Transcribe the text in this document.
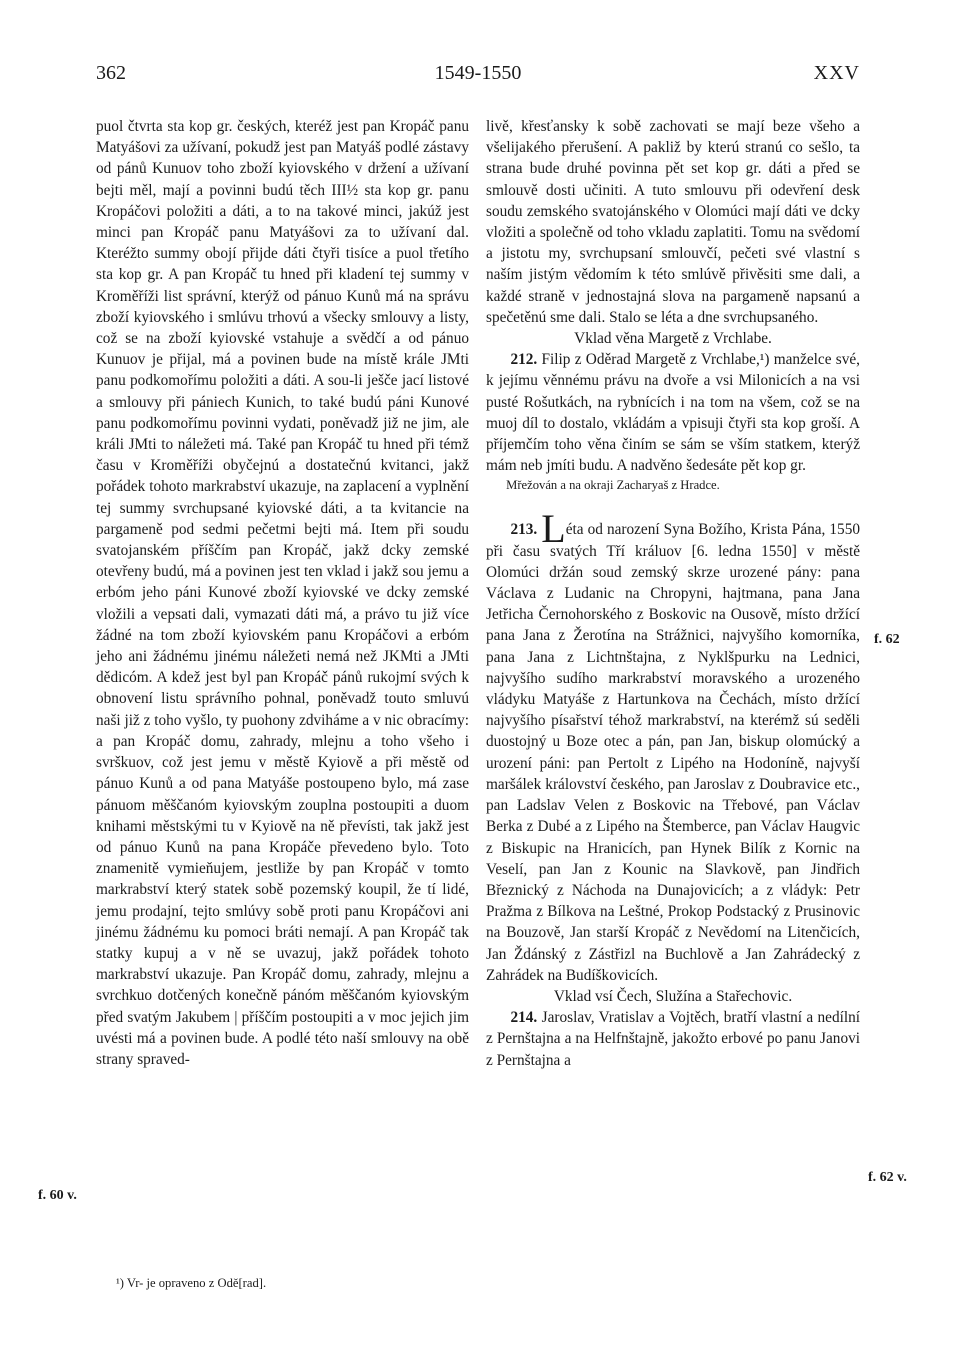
362	1549-1550	XXV

puol čtvrta sta kop gr. českých, kteréž jest pan Kropáč panu Matyášovi za užívaní, pokudž jest pan Matyáš podlé zástavy od pánů Kunuov toho zboží kyiovského v držení a užívaní bejti měl, mají a povinni budú těch III½ sta kop gr. panu Kropáčovi položiti a dáti, a to na takové minci, jakúž jest minci pan Kropáč panu Matyášovi za to užívaní dal. Kteréžto summy obojí přijde dáti čtyři tisíce a puol třetího sta kop gr. A pan Kropáč tu hned při kladení tej summy v Kroměříži list správní, kterýž od pánuo Kunů má na správu zboží kyiovského i smlúvu trhovú a všecky smlouvy a listy, což se na zboží kyiovské vstahuje a svědčí a od pánuo Kunuov je přijal, má a povinen bude na místě krále JMti panu podkomořímu položiti a dáti. A sou-li ješče jací listové a smlouvy při pániech Kunich, to také budú páni Kunové panu podkomořímu povinni vydati, poněvadž již ne jim, ale králi JMti to náležeti má. Také pan Kropáč tu hned při témž času v Kroměříži obyčejnú a dostatečnú kvitanci, jakž pořádek tohoto markrabství ukazuje, na zaplacení a vyplnění tej summy svrchupsané kyiovské dáti, a ta kvitancie na pargameně pod sedmi pečetmi bejti má. Item při soudu svatojanském příščím pan Kropáč, jakž dcky zemské otevřeny budú, má a povinen jest ten vklad i jakž sou jemu a erbóm jeho páni Kunové zboží kyiovské ve dcky zemské vložili a vepsati dali, vymazati dáti má, a právo tu již více žádné na tom zboží kyiovském panu Kropáčovi a erbóm jeho ani žádnému jinému náležeti nemá než JKMti a JMti dědicóm. A kdež jest byl pan Kropáč pánů rukojmí svých k obnovení listu správního pohnal, poněvadž touto smluvú naši již z toho vyšlo, ty puohony zdviháme a v nic obracímy: a pan Kropáč domu, zahrady, mlejnu a toho všeho i svrškuov, což jest jemu v městě Kyiově a při městě od pánuo Kunů a od pana Matyáše postoupeno bylo, má zase pánuom měščanóm kyiovským zouplna postoupiti a duom knihami městskými tu v Kyiově na ně převísti, tak jakž jest od pánuo Kunů na pana Kropáče převedeno bylo. Toto znamenitě vymieňujem, jestliže by pan Kropáč v tomto markrabství který statek sobě pozemský koupil, že tí lidé, jemu prodajní, tejto smlúvy sobě proti panu Kropáčovi ani jinému žádnému ku pomoci bráti nemají. A pan Kropáč tak statky kupuj a v ně se uvazuj, jakž pořádek tohoto markrabství ukazuje. Pan Kropáč domu, zahrady, mlejnu a svrchkuo dotčených konečně pánóm měščanóm kyiovským před svatým Jakubem | příščím postoupiti a v moc jejich jim uvésti má a povinen bude. A podlé této naší smlouvy na obě strany spraved-

livě, křesťansky k sobě zachovati se mají beze všeho a všelijakého přerušení. A pakliž by kterú stranú co sešlo, ta strana bude druhé povinna pět set kop gr. dáti a před se smlouvě dosti učiniti. A tuto smlouvu při odevření desk soudu zemského svatojánského v Olomúci mají dáti ve dcky vložiti a společně od toho vkladu zaplatiti. Tomu na svědomí a jistotu my, svrchupsaní smlouvčí, pečeti své vlastní s naším jistým vědomím k této smlúvě přivěsiti sme dali, a každé straně v jednostajná slova na pargameně napsanú a spečetěnú sme dali. Stalo se léta a dne svrchupsaného.

Vklad věna Margetě z Vrchlabe.

212. Filip z Oděrad Margetě z Vrchlabe,¹) manželce své, k jejímu věnnému právu na dvoře a vsi Milonicích a na vsi pusté Rošutkách, na rybnících i na tom na všem, což se na muoj díl to dostalo, vkládám a vpisuji čtyři sta kop groší. A příjemčím toho věna činím se sám se vším statkem, kterýž mám neb jmíti budu. A nadvěno šedesáte pět kop gr.

Mřežován a na okraji Zacharyaš z Hradce.

213. Léta od narození Syna Božího, Krista Pána, 1550 při času svatých Tří králuov [6. ledna 1550] v městě Olomúci držán soud zemský skrze urozené pány: pana Václava z Ludanic na Chropyni, hajtmana, pana Jana Jetřicha Černohorského z Boskovic na Ousově, místo držící pana Jana z Žerotína na Strážnici, najvyšího komorníka, pana Jana z Lichtnštajna, z Nyklšpurku na Lednici, najvyšího sudího markrabství moravského a urozeného vládyku Matyáše z Hartunkova na Čechách, místo držící najvyšího písařství téhož markrabství, na kterémž sú seděli duostojný u Boze otec a pán, pan Jan, biskup olomúcký a urození páni: pan Pertolt z Lipého na Hodoníně, najvyší maršálek království českého, pan Jaroslav z Doubravice etc., pan Ladslav Velen z Boskovic na Třebové, pan Václav Berka z Dubé a z Lipého na Štemberce, pan Václav Haugvic z Biskupic na Hranicích, pan Hynek Bilík z Kornic na Veselí, pan Jan z Kounic na Slavkově, pan Jindřich Březnický z Náchoda na Dunajovicích; a z vládyk: Petr Pražma z Bílkova na Leštné, Prokop Podstacký z Prusinovic na Bouzově, Jan starší Kropáč z Nevědomí na Litenčicích, Jan Ždánský z Zástřizl na Buchlově a Jan Zahrádecký z Zahrádek na Budíškovicích.

Vklad vsí Čech, Služína a Stařechovic.

214. Jaroslav, Vratislav a Vojtěch, bratří vlastní a nedílní z Pernštajna a na Helfnštajně, jakožto erbové po panu Janovi z Pernštajna a

f. 60 v.
f. 62
f. 62 v.
¹) Vr- je opraveno z Odě[rad].
